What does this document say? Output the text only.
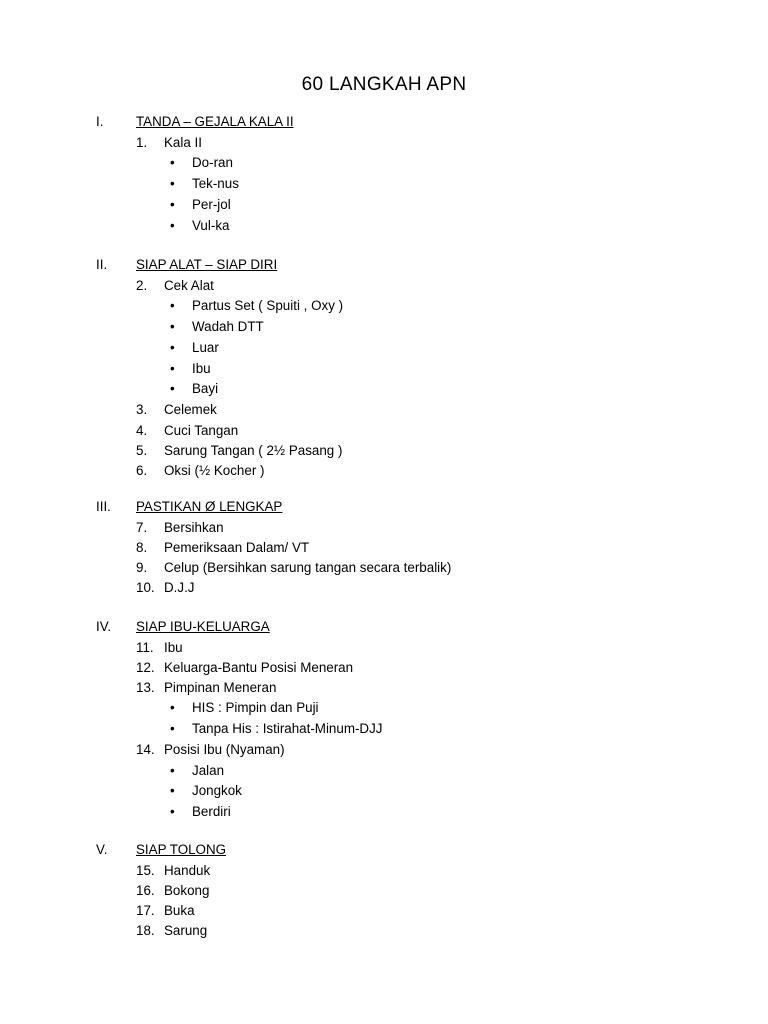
60 LANGKAH APN
I.	TANDA – GEJALA KALA II
1.	Kala II
• Do-ran
• Tek-nus
• Per-jol
• Vul-ka
II.	SIAP ALAT – SIAP DIRI
2.	Cek Alat
• Partus Set ( Spuiti , Oxy )
• Wadah DTT
• Luar
• Ibu
• Bayi
3.	Celemek
4.	Cuci Tangan
5.	Sarung Tangan ( 2½ Pasang )
6.	Oksi (½ Kocher )
III.	PASTIKAN Ø LENGKAP
7.	Bersihkan
8.	Pemeriksaan Dalam/ VT
9.	Celup (Bersihkan sarung tangan secara terbalik)
10. D.J.J
IV.	SIAP IBU-KELUARGA
11. Ibu
12. Keluarga-Bantu Posisi Meneran
13. Pimpinan Meneran
• HIS : Pimpin dan Puji
• Tanpa His : Istirahat-Minum-DJJ
14. Posisi Ibu (Nyaman)
• Jalan
• Jongkok
• Berdiri
V.	SIAP TOLONG
15. Handuk
16. Bokong
17. Buka
18. Sarung
